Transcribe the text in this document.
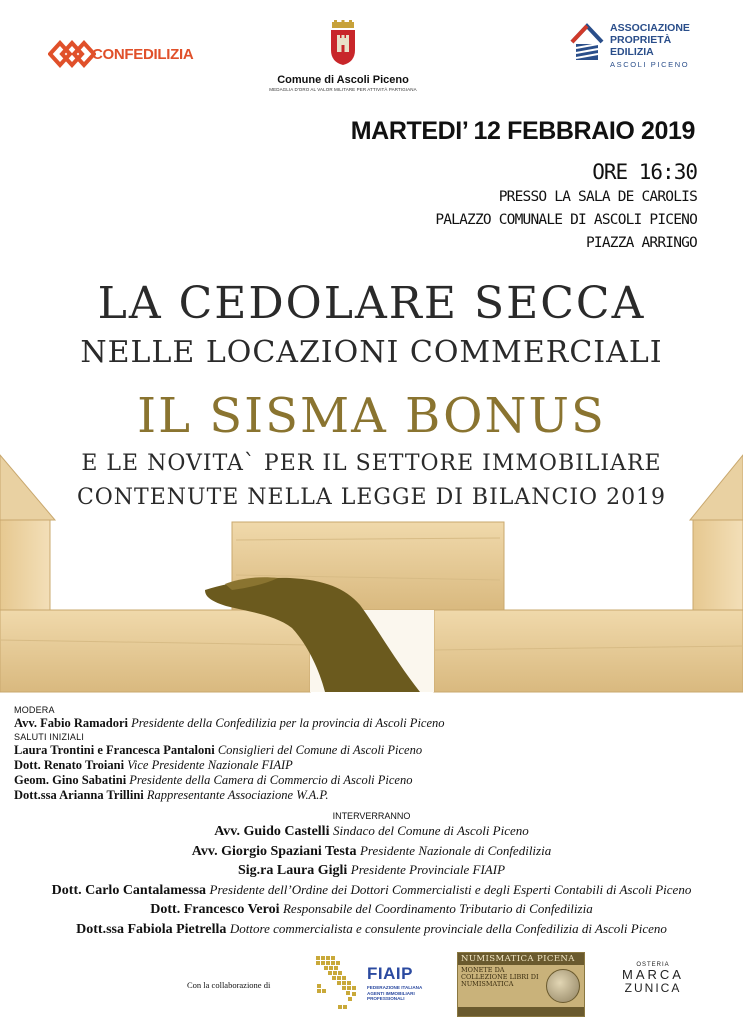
CONFEDILIZIA
Comune di Ascoli Piceno
MEDAGLIA D'ORO AL VALOR MILITARE PER ATTIVITÀ PARTIGIANA
ASSOCIAZIONE
PROPRIETÀ
EDILIZIA
ASCOLI PICENO
MARTEDI’ 12 FEBBRAIO 2019
ORE 16:30
PRESSO LA SALA DE CAROLIS
PALAZZO COMUNALE DI ASCOLI PICENO
PIAZZA ARRINGO
LA CEDOLARE SECCA
NELLE LOCAZIONI COMMERCIALI
IL SISMA BONUS
E LE NOVITA` PER IL SETTORE IMMOBILIARE
CONTENUTE NELLA LEGGE DI BILANCIO 2019
MODERA
Avv. Fabio Ramadori Presidente della Confedilizia per la provincia di Ascoli Piceno
SALUTI INIZIALI
Laura Trontini e Francesca Pantaloni Consiglieri del Comune di Ascoli Piceno
Dott. Renato Troiani Vice Presidente Nazionale FIAIP
Geom. Gino Sabatini Presidente della Camera di Commercio di Ascoli Piceno
Dott.ssa Arianna Trillini Rappresentante Associazione W.A.P.
INTERVERRANNO
Avv. Guido Castelli Sindaco del Comune di Ascoli Piceno
Avv. Giorgio Spaziani Testa Presidente Nazionale di Confedilizia
Sig.ra Laura Gigli Presidente Provinciale FIAIP
Dott. Carlo Cantalamessa Presidente dell’Ordine dei Dottori Commercialisti e degli Esperti Contabili di Ascoli Piceno
Dott. Francesco Veroi Responsabile del Coordinamento Tributario di Confedilizia
Dott.ssa Fabiola Pietrella Dottore commercialista e consulente provinciale della Confedilizia di Ascoli Piceno
Con la collaborazione di
FIAIP
FEDERAZIONE ITALIANA AGENTI IMMOBILIARI PROFESSIONALI
NUMISMATICA PICENA
MONETE DA COLLEZIONE LIBRI DI NUMISMATICA
OSTERIA
MARCA
ZUNICA
